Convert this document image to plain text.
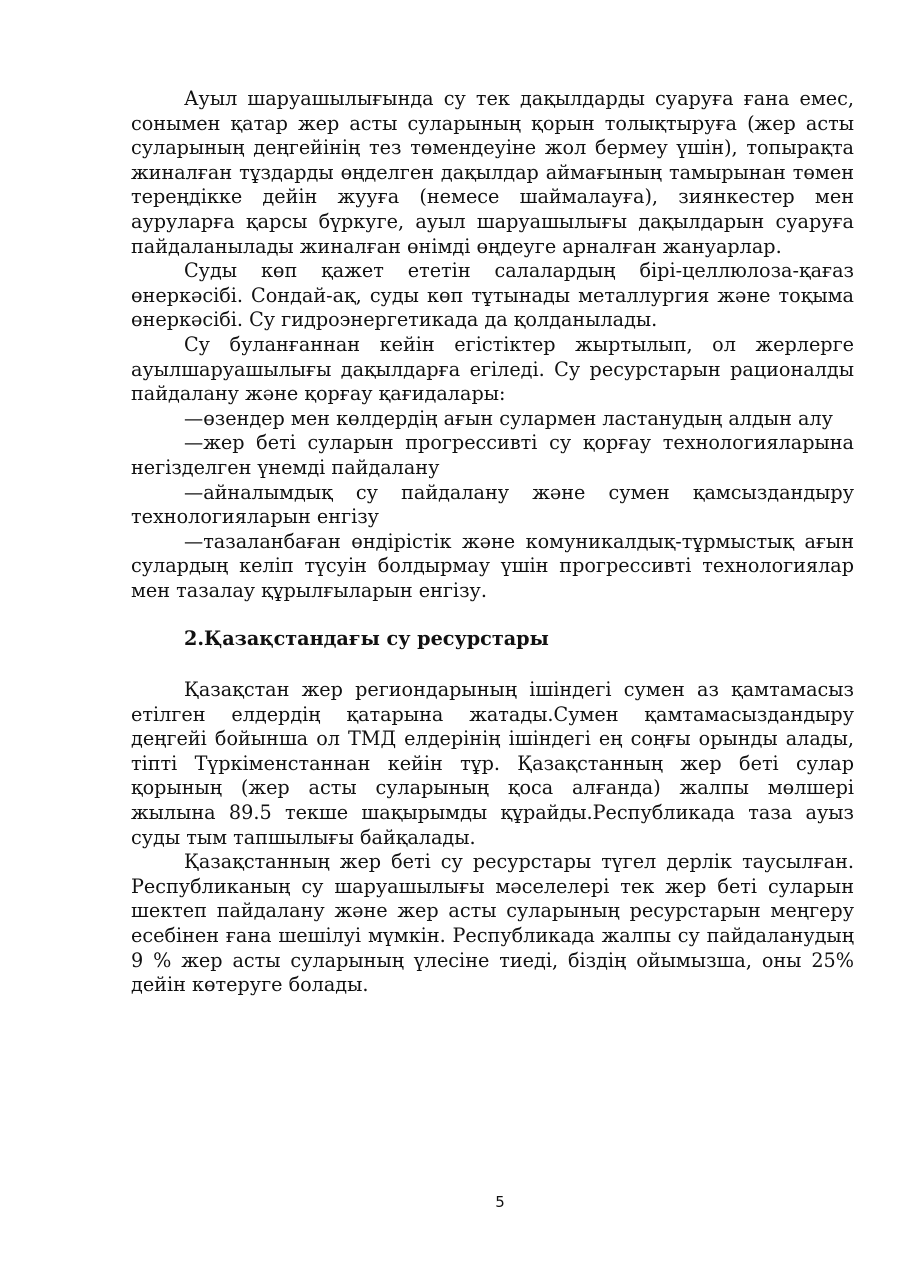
Ауыл шаруашылығында су тек дақылдарды суаруға ғана емес, сонымен қатар жер асты суларының қорын толықтыруға (жер асты суларының деңгейінің тез төмендеуіне жол бермеу үшін), топырақта жиналған тұздарды өңделген дақылдар аймағының тамырынан төмен тереңдікке дейін жууға (немесе шаймалауға), зиянкестер мен ауруларға қарсы бүркуге, ауыл шаруашылығы дақылдарын суаруға пайдаланылады жиналған өнімді өңдеуге арналған жануарлар.

Суды көп қажет ететін салалардың бірі-целлюлоза-қағаз өнеркәсібі. Сондай-ақ, суды көп тұтынады металлургия және тоқыма өнеркәсібі. Су гидроэнергетикада да қолданылады.

Су буланғаннан кейін егістіктер жыртылып, ол жерлерге ауылшаруашылығы дақылдарға егіледі. Су ресурстарын рационалды пайдалану және қорғау қағидалары:

—өзендер мен көлдердің ағын сулармен ластанудың алдын алу

—жер беті суларын прогрессивті су қорғау технологияларына негізделген үнемді пайдалану

—айналымдық су пайдалану және сумен қамсыздандыру технологияларын енгізу

—тазаланбаған өндірістік және комуникалдық-тұрмыстық ағын сулардың келіп түсуін болдырмау үшін прогрессивті технологиялар мен тазалау құрылғыларын енгізу.

2.Қазақстандағы су ресурстары

Қазақстан жер региондарының ішіндегі сумен аз қамтамасыз етілген елдердің қатарына жатады.Сумен қамтамасыздандыру деңгейі бойынша ол ТМД елдерінің ішіндегі ең соңғы орынды алады, тіпті Түркіменстаннан кейін тұр. Қазақстанның жер беті сулар қорының (жер асты суларының қоса алғанда) жалпы мөлшері жылына 89.5 текше шақырымды құрайды.Республикада таза ауыз суды тым тапшылығы байқалады.

Қазақстанның жер беті су ресурстары түгел дерлік таусылған. Республиканың су шаруашылығы мәселелері тек жер беті суларын шектеп пайдалану және жер асты суларының ресурстарын меңгеру есебінен ғана шешілуі мүмкін. Республикада жалпы су пайдаланудың 9 % жер асты суларының үлесіне тиеді, біздің ойымызша, оны 25% дейін көтеруге болады.

5
